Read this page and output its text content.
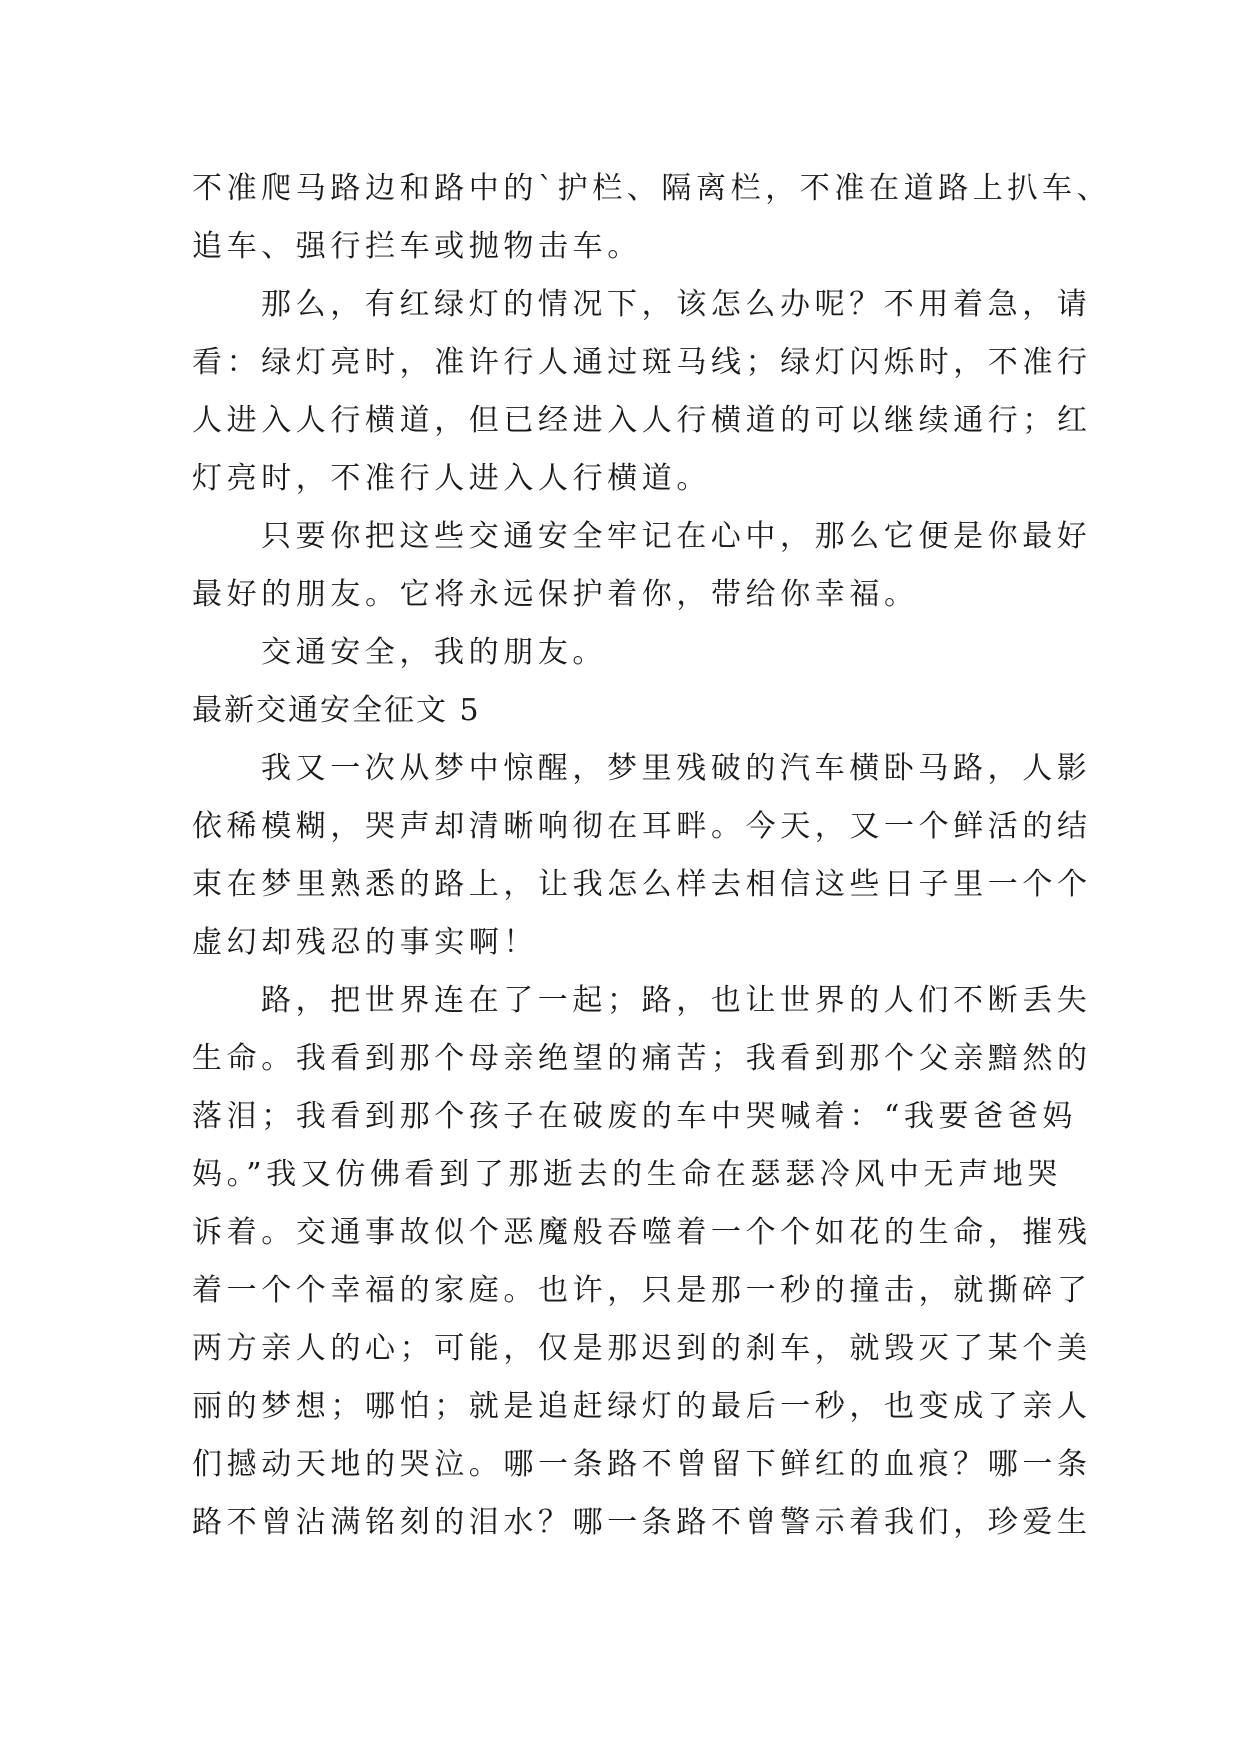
不准爬马路边和路中的`护栏、隔离栏，不准在道路上扒车、
追车、强行拦车或抛物击车。
那么，有红绿灯的情况下，该怎么办呢？不用着急，请
看：绿灯亮时，准许行人通过斑马线；绿灯闪烁时，不准行
人进入人行横道，但已经进入人行横道的可以继续通行；红
灯亮时，不准行人进入人行横道。
只要你把这些交通安全牢记在心中，那么它便是你最好
最好的朋友。它将永远保护着你，带给你幸福。
交通安全，我的朋友。
最新交通安全征文 5
我又一次从梦中惊醒，梦里残破的汽车横卧马路，人影
依稀模糊，哭声却清晰响彻在耳畔。今天，又一个鲜活的结
束在梦里熟悉的路上，让我怎么样去相信这些日子里一个个
虚幻却残忍的事实啊！
路，把世界连在了一起；路，也让世界的人们不断丢失
生命。我看到那个母亲绝望的痛苦；我看到那个父亲黯然的
落泪；我看到那个孩子在破废的车中哭喊着：“我要爸爸妈
妈。”我又仿佛看到了那逝去的生命在瑟瑟冷风中无声地哭
诉着。交通事故似个恶魔般吞噬着一个个如花的生命，摧残
着一个个幸福的家庭。也许，只是那一秒的撞击，就撕碎了
两方亲人的心；可能，仅是那迟到的刹车，就毁灭了某个美
丽的梦想；哪怕；就是追赶绿灯的最后一秒，也变成了亲人
们撼动天地的哭泣。哪一条路不曾留下鲜红的血痕？哪一条
路不曾沾满铭刻的泪水？哪一条路不曾警示着我们，珍爱生
